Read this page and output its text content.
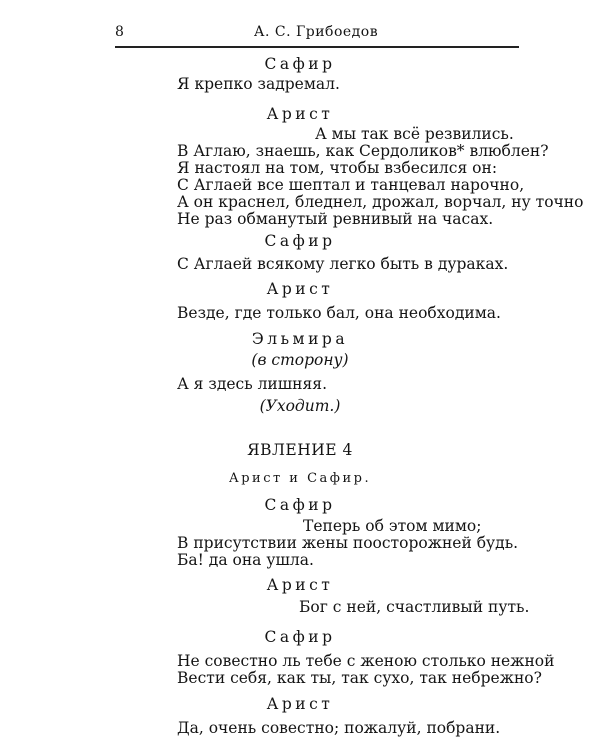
8	А. С. Грибоедов
Сафир
Я крепко задремал.
Арист
А мы так всё резвились.
В Аглаю, знаешь, как Сердоликов* влюблен?
Я настоял на том, чтобы взбесился он:
С Аглаей все шептал и танцевал нарочно,
А он краснел, бледнел, дрожал, ворчал, ну точно
Не раз обманутый ревнивый на часах.
Сафир
С Аглаей всякому легко быть в дураках.
Арист
Везде, где только бал, она необходима.
Эльмира
(в сторону)
А я здесь лишняя.
(Уходит.)
ЯВЛЕНИЕ 4
Арист и Сафир.
Сафир
Теперь об этом мимо;
В присутствии жены поосторожней будь.
Ба! да она ушла.
Арист
Бог с ней, счастливый путь.
Сафир
Не совестно ль тебе с женою столько нежной
Вести себя, как ты, так сухо, так небрежно?
Арист
Да, очень совестно; пожалуй, побрани.
